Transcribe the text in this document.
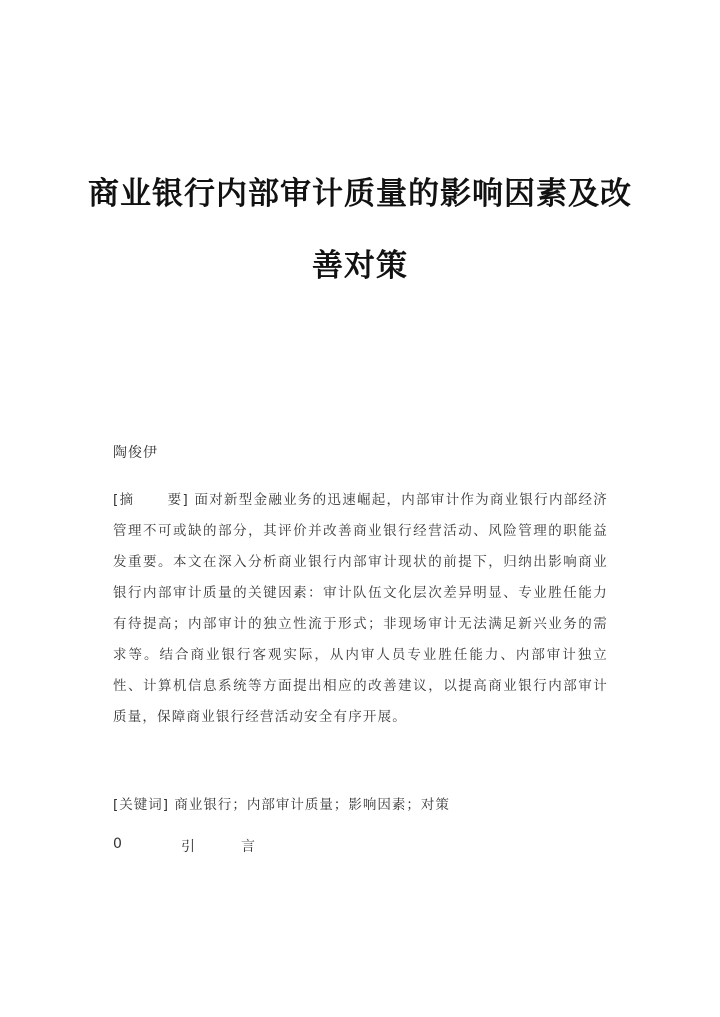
商业银行内部审计质量的影响因素及改
善对策

陶俊伊

[摘      要] 面对新型金融业务的迅速崛起，内部审计作为商业银行内部经济管理不可或缺的部分，其评价并改善商业银行经营活动、风险管理的职能益发重要。本文在深入分析商业银行内部审计现状的前提下，归纳出影响商业银行内部审计质量的关键因素：审计队伍文化层次差异明显、专业胜任能力有待提高；内部审计的独立性流于形式；非现场审计无法满足新兴业务的需求等。结合商业银行客观实际，从内审人员专业胜任能力、内部审计独立性、计算机信息系统等方面提出相应的改善建议，以提高商业银行内部审计质量，保障商业银行经营活动安全有序开展。

[关键词] 商业银行；内部审计质量；影响因素；对策

0	引	言
